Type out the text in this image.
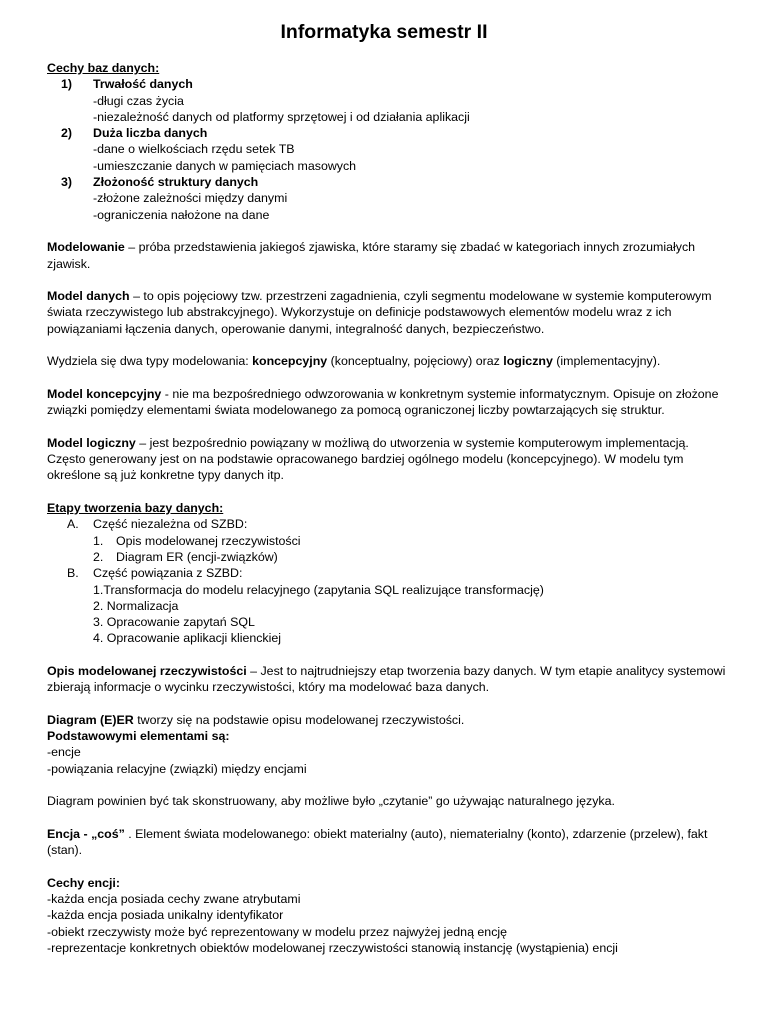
Informatyka semestr II

Cechy baz danych:

1)	Trwałość danych

-długi czas życia

-niezależność danych od platformy sprzętowej i od działania aplikacji

2)	Duża liczba danych

-dane o wielkościach rzędu setek TB

-umieszczanie danych w pamięciach masowych

3)	Złożoność struktury danych

-złożone zależności między danymi

-ograniczenia nałożone na dane

Modelowanie – próba przedstawienia jakiegoś zjawiska, które staramy się zbadać w kategoriach innych zrozumiałych zjawisk.

Model danych – to opis pojęciowy tzw. przestrzeni zagadnienia, czyli segmentu modelowane w systemie komputerowym świata rzeczywistego lub abstrakcyjnego). Wykorzystuje on definicje podstawowych elementów modelu wraz z ich powiązaniami łączenia danych, operowanie danymi, integralność danych, bezpieczeństwo.

Wydziela się dwa typy modelowania: koncepcyjny (konceptualny, pojęciowy) oraz logiczny (implementacyjny).

Model koncepcyjny - nie ma bezpośredniego odwzorowania w konkretnym systemie informatycznym. Opisuje on złożone związki pomiędzy elementami świata modelowanego za pomocą ograniczonej liczby powtarzających się struktur.

Model logiczny – jest bezpośrednio powiązany w możliwą do utworzenia w systemie komputerowym implementacją. Często generowany jest on na podstawie opracowanego bardziej ogólnego modelu (koncepcyjnego). W modelu tym określone są już konkretne typy danych itp.

Etapy tworzenia bazy danych:

A.	Część niezależna od SZBD:
1.	Opis modelowanej rzeczywistości
2.	Diagram ER (encji-związków)
B.	Część powiązania z SZBD:

1.Transformacja do modelu relacyjnego (zapytania SQL realizujące transformację)

2. Normalizacja

3. Opracowanie zapytań SQL

4. Opracowanie aplikacji klienckiej

Opis modelowanej rzeczywistości – Jest to najtrudniejszy etap tworzenia bazy danych. W tym etapie analitycy systemowi zbierają informacje o wycinku rzeczywistości, który ma modelować baza danych.

Diagram (E)ER tworzy się na podstawie opisu modelowanej rzeczywistości.

Podstawowymi elementami są:

-encje

-powiązania relacyjne (związki) między encjami

Diagram powinien być tak skonstruowany, aby możliwe było „czytanie” go używając naturalnego języka.

Encja - „coś” . Element świata modelowanego: obiekt materialny (auto), niematerialny (konto), zdarzenie (przelew), fakt (stan).

Cechy encji:

-każda encja posiada cechy zwane atrybutami

-każda encja posiada unikalny identyfikator

-obiekt rzeczywisty może być reprezentowany w modelu przez najwyżej jedną encję

-reprezentacje konkretnych obiektów modelowanej rzeczywistości stanowią instancję (wystąpienia) encji
